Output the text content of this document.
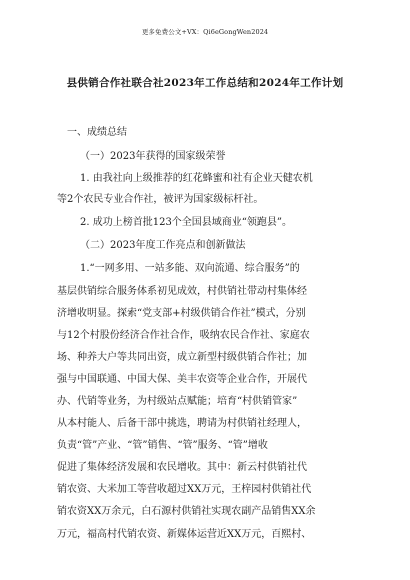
更多免费公文+VX：Qi6eGongWen2024
县供销合作社联合社2023年工作总结和2024年工作计划
一、成绩总结
（一）2023年获得的国家级荣誉
1. 由我社向上级推荐的红花蜂蜜和社有企业天健农机
等2个农民专业合作社，被评为国家级标杆社。
2. 成功上榜首批123个全国县域商业“领跑县”。
（二）2023年度工作亮点和创新做法
1.“一网多用、一站多能、双向流通、综合服务”的
基层供销综合服务体系初见成效，村供销社带动村集体经
济增收明显。探索“党支部+村级供销合作社”模式，分别
与12个村股份经济合作社合作，吸纳农民合作社、家庭农
场、种养大户等共同出资，成立新型村级供销合作社；加
强与中国联通、中国大保、美丰农资等企业合作，开展代
办、代销等业务，为村级站点赋能；培育“村供销管家”
从本村能人、后备干部中挑选，聘请为村供销社经理人，
负责“管”产业、“管”销售、“管”服务、“管”增收
促进了集体经济发展和农民增收。其中：新云村供销社代
销农资、大米加工等营收超过XX万元，王梓园村供销社代
销农资XX万余元，白石源村供销社实现农副产品销售XX余
万元，福高村代销农资、新媒体运营近XX万元，百熙村、
